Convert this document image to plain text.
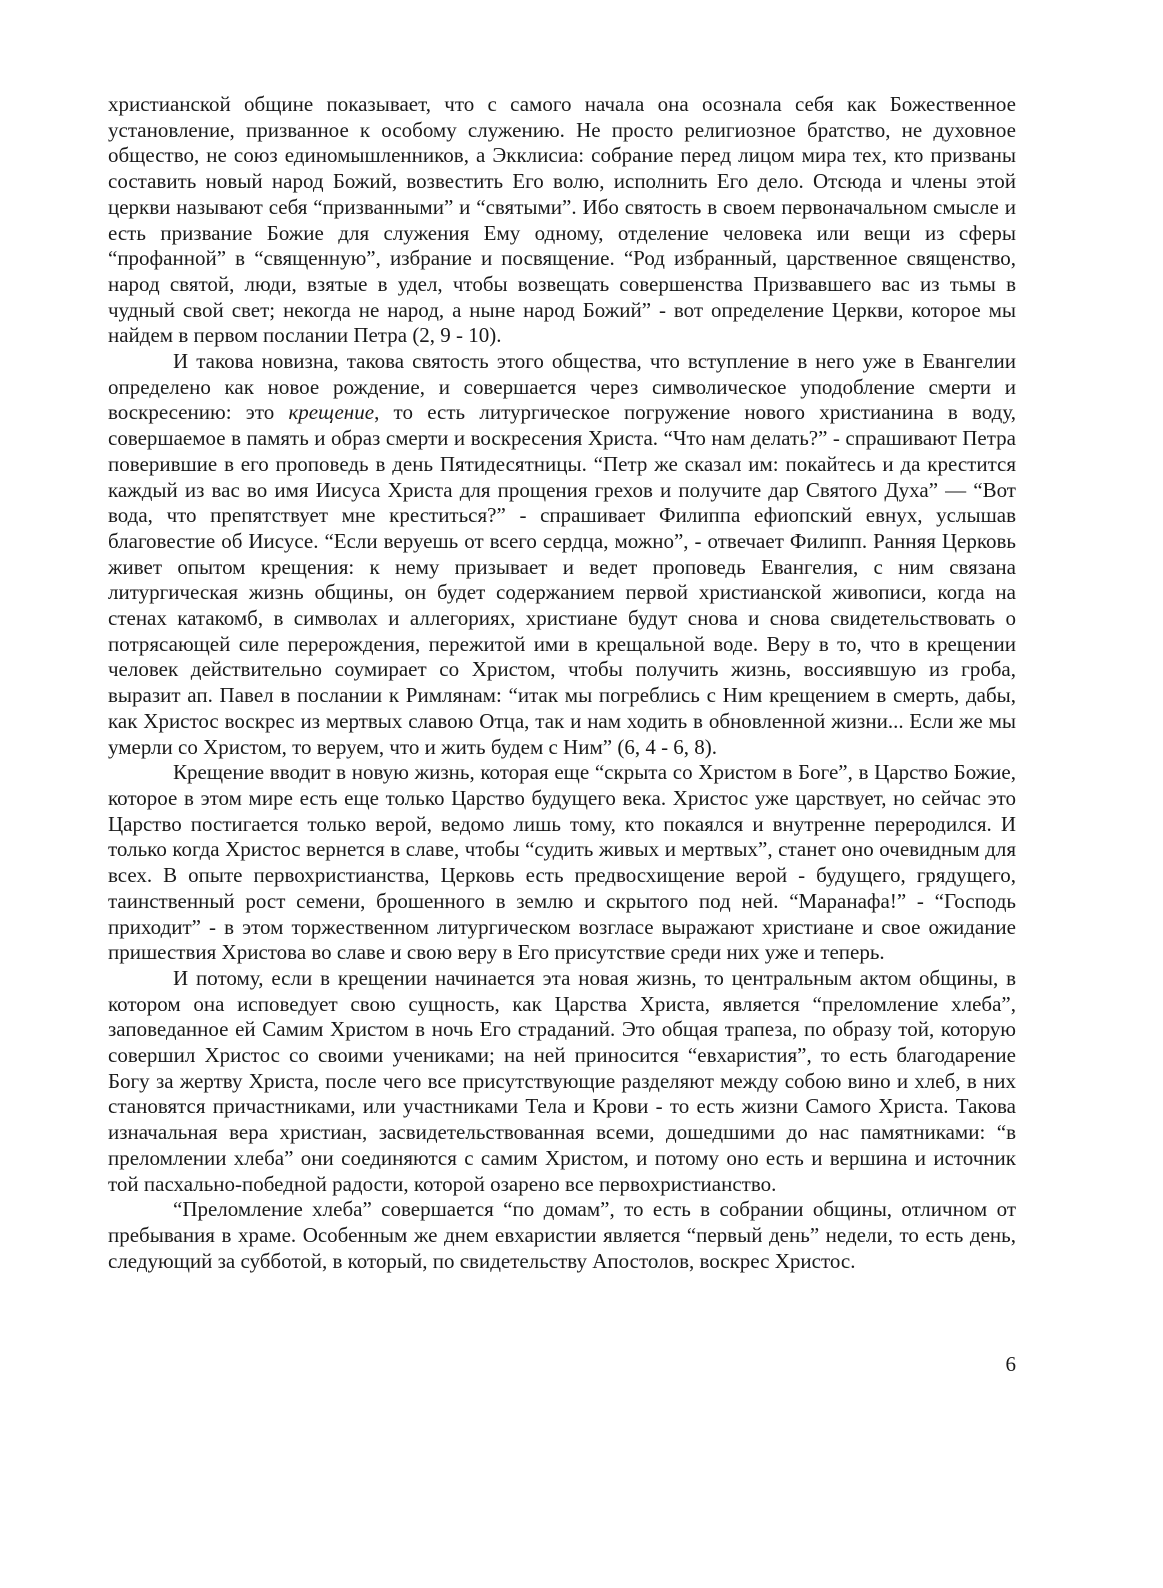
христианской общине показывает, что с самого начала она осознала себя как Божественное установление, призванное к особому служению. Не просто религиозное братство, не духовное общество, не союз единомышленников, а Экклисиа: собрание перед лицом мира тех, кто призваны составить новый народ Божий, возвестить Его волю, исполнить Его дело. Отсюда и члены этой церкви называют себя “призванными” и “святыми”. Ибо святость в своем первоначальном смысле и есть призвание Божие для служения Ему одному, отделение человека или вещи из сферы “профанной” в “священную”, избрание и посвящение. “Род избранный, царственное священство, народ святой, люди, взятые в удел, чтобы возвещать совершенства Призвавшего вас из тьмы в чудный свой свет; некогда не народ, а ныне народ Божий” - вот определение Церкви, которое мы найдем в первом послании Петра (2, 9 - 10).

И такова новизна, такова святость этого общества, что вступление в него уже в Евангелии определено как новое рождение, и совершается через символическое уподобление смерти и воскресению: это крещение, то есть литургическое погружение нового христианина в воду, совершаемое в память и образ смерти и воскресения Христа. “Что нам делать?” - спрашивают Петра поверившие в его проповедь в день Пятидесятницы. “Петр же сказал им: покайтесь и да крестится каждый из вас во имя Иисуса Христа для прощения грехов и получите дар Святого Духа” — “Вот вода, что препятствует мне креститься?” - спрашивает Филиппа ефиопский евнух, услышав благовестие об Иисусе. “Если веруешь от всего сердца, можно”, - отвечает Филипп. Ранняя Церковь живет опытом крещения: к нему призывает и ведет проповедь Евангелия, с ним связана литургическая жизнь общины, он будет содержанием первой христианской живописи, когда на стенах катакомб, в символах и аллегориях, христиане будут снова и снова свидетельствовать о потрясающей силе перерождения, пережитой ими в крещальной воде. Веру в то, что в крещении человек действительно соумирает со Христом, чтобы получить жизнь, воссиявшую из гроба, выразит ап. Павел в послании к Римлянам: “итак мы погреблись с Ним крещением в смерть, дабы, как Христос воскрес из мертвых славою Отца, так и нам ходить в обновленной жизни... Если же мы умерли со Христом, то веруем, что и жить будем с Ним” (6, 4 - 6, 8).

Крещение вводит в новую жизнь, которая еще “скрыта со Христом в Боге”, в Царство Божие, которое в этом мире есть еще только Царство будущего века. Христос уже царствует, но сейчас это Царство постигается только верой, ведомо лишь тому, кто покаялся и внутренне переродился. И только когда Христос вернется в славе, чтобы “судить живых и мертвых”, станет оно очевидным для всех. В опыте первохристианства, Церковь есть предвосхищение верой - будущего, грядущего, таинственный рост семени, брошенного в землю и скрытого под ней. “Маранафа!” - “Господь приходит” - в этом торжественном литургическом возгласе выражают христиане и свое ожидание пришествия Христова во славе и свою веру в Его присутствие среди них уже и теперь.

И потому, если в крещении начинается эта новая жизнь, то центральным актом общины, в котором она исповедует свою сущность, как Царства Христа, является “преломление хлеба”, заповеданное ей Самим Христом в ночь Его страданий. Это общая трапеза, по образу той, которую совершил Христос со своими учениками; на ней приносится “евхаристия”, то есть благодарение Богу за жертву Христа, после чего все присутствующие разделяют между собою вино и хлеб, в них становятся причастниками, или участниками Тела и Крови - то есть жизни Самого Христа. Такова изначальная вера христиан, засвидетельствованная всеми, дошедшими до нас памятниками: “в преломлении хлеба” они соединяются с самим Христом, и потому оно есть и вершина и источник той пасхально-победной радости, которой озарено все первохристианство.

“Преломление хлеба” совершается “по домам”, то есть в собрании общины, отличном от пребывания в храме. Особенным же днем евхаристии является “первый день” недели, то есть день, следующий за субботой, в который, по свидетельству Апостолов, воскрес Христос.

6
